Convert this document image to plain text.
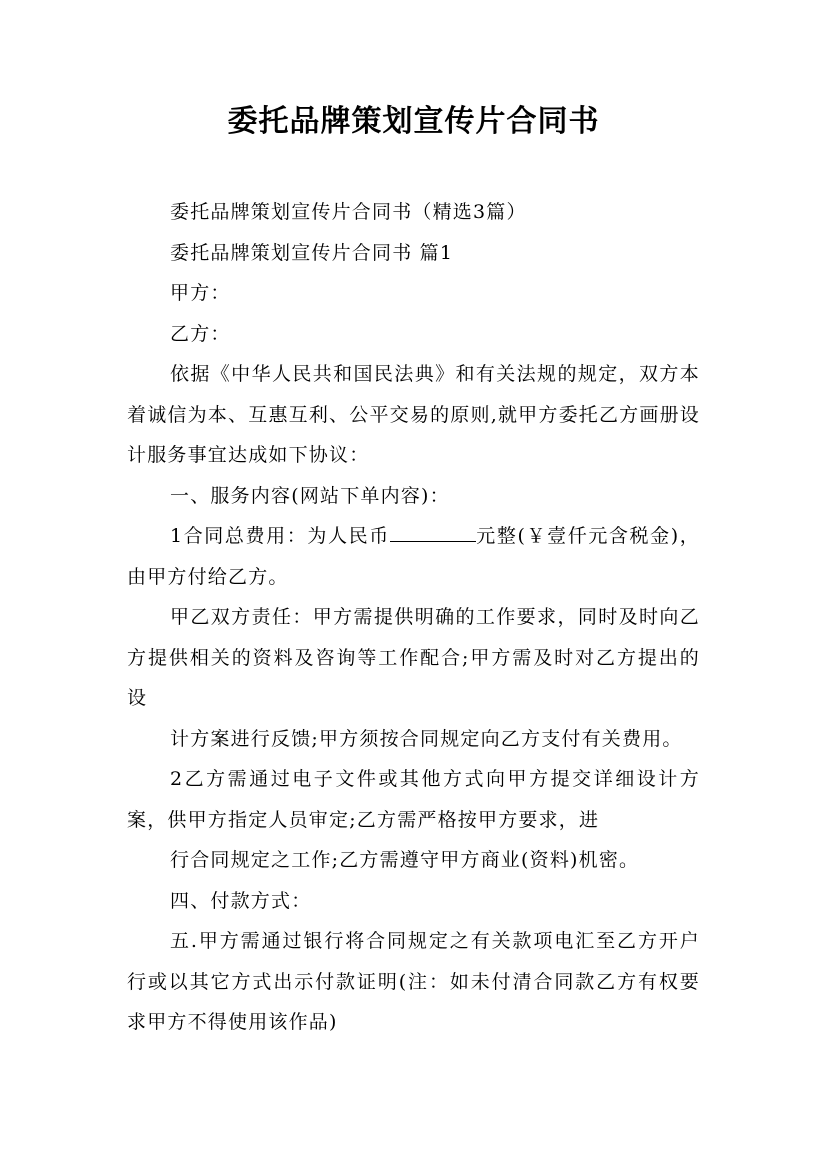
委托品牌策划宣传片合同书

委托品牌策划宣传片合同书（精选3篇）

委托品牌策划宣传片合同书 篇1

甲方：

乙方：

依据《中华人民共和国民法典》和有关法规的规定，双方本着诚信为本、互惠互利、公平交易的原则,就甲方委托乙方画册设计服务事宜达成如下协议：

一、服务内容(网站下单内容)：

1合同总费用：为人民币	元整(￥壹仟元含税金)，由甲方付给乙方。

甲乙双方责任：甲方需提供明确的工作要求，同时及时向乙方提供相关的资料及咨询等工作配合;甲方需及时对乙方提出的设

计方案进行反馈;甲方须按合同规定向乙方支付有关费用。

2乙方需通过电子文件或其他方式向甲方提交详细设计方案，供甲方指定人员审定;乙方需严格按甲方要求，进

行合同规定之工作;乙方需遵守甲方商业(资料)机密。

四、付款方式：

五.甲方需通过银行将合同规定之有关款项电汇至乙方开户行或以其它方式出示付款证明(注：如未付清合同款乙方有权要求甲方不得使用该作品)
